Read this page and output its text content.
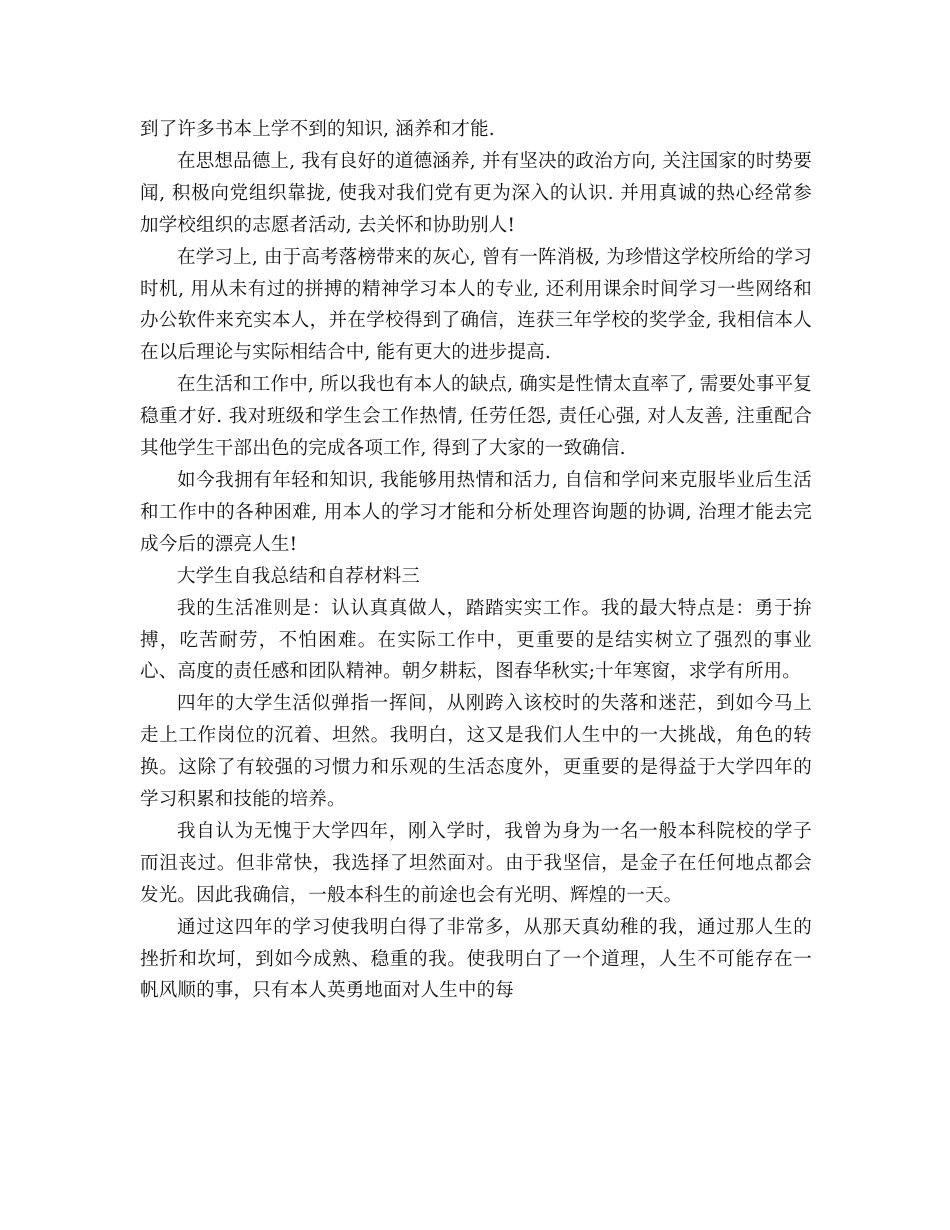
到了许多书本上学不到的知识, 涵养和才能.

在思想品德上, 我有良好的道德涵养, 并有坚决的政治方向, 关注国家的时势要闻, 积极向党组织靠拢, 使我对我们党有更为深入的认识. 并用真诚的热心经常参加学校组织的志愿者活动, 去关怀和协助别人!

在学习上, 由于高考落榜带来的灰心, 曾有一阵消极, 为珍惜这学校所给的学习时机, 用从未有过的拼搏的精神学习本人的专业, 还利用课余时间学习一些网络和办公软件来充实本人，并在学校得到了确信，连获三年学校的奖学金, 我相信本人在以后理论与实际相结合中, 能有更大的进步提高.

在生活和工作中, 所以我也有本人的缺点, 确实是性情太直率了, 需要处事平复稳重才好. 我对班级和学生会工作热情, 任劳任怨, 责任心强, 对人友善, 注重配合其他学生干部出色的完成各项工作, 得到了大家的一致确信.

如今我拥有年轻和知识, 我能够用热情和活力, 自信和学问来克服毕业后生活和工作中的各种困难, 用本人的学习才能和分析处理咨询题的协调, 治理才能去完成今后的漂亮人生!

大学生自我总结和自荐材料三

我的生活准则是：认认真真做人，踏踏实实工作。我的最大特点是：勇于拚搏，吃苦耐劳，不怕困难。在实际工作中，更重要的是结实树立了强烈的事业心、高度的责任感和团队精神。朝夕耕耘，图春华秋实;十年寒窗，求学有所用。

四年的大学生活似弹指一挥间，从刚跨入该校时的失落和迷茫，到如今马上走上工作岗位的沉着、坦然。我明白，这又是我们人生中的一大挑战，角色的转换。这除了有较强的习惯力和乐观的生活态度外，更重要的是得益于大学四年的学习积累和技能的培养。

我自认为无愧于大学四年，刚入学时，我曾为身为一名一般本科院校的学子而沮丧过。但非常快，我选择了坦然面对。由于我坚信，是金子在任何地点都会发光。因此我确信，一般本科生的前途也会有光明、辉煌的一天。

通过这四年的学习使我明白得了非常多，从那天真幼稚的我，通过那人生的挫折和坎坷，到如今成熟、稳重的我。使我明白了一个道理，人生不可能存在一帆风顺的事，只有本人英勇地面对人生中的每
